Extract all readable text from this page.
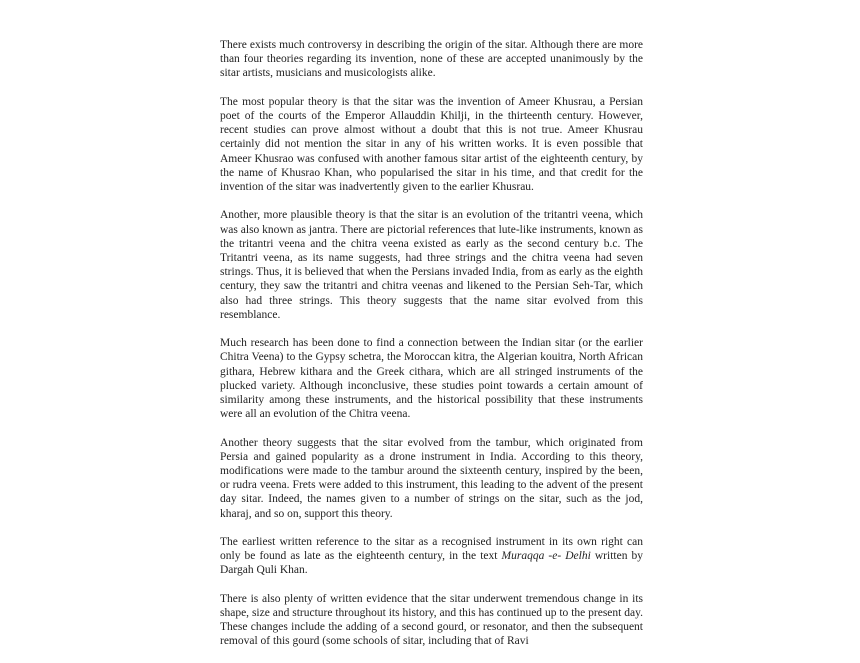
There exists much controversy in describing the origin of the sitar. Although there are more than four theories regarding its invention, none of these are accepted unanimously by the sitar artists, musicians and musicologists alike.

The most popular theory is that the sitar was the invention of Ameer Khusrau, a Persian poet of the courts of the Emperor Allauddin Khilji, in the thirteenth century. However, recent studies can prove almost without a doubt that this is not true. Ameer Khusrau certainly did not mention the sitar in any of his written works. It is even possible that Ameer Khusrao was confused with another famous sitar artist of the eighteenth century, by the name of Khusrao Khan, who popularised the sitar in his time, and that credit for the invention of the sitar was inadvertently given to the earlier Khusrau.

Another, more plausible theory is that the sitar is an evolution of the tritantri veena, which was also known as jantra. There are pictorial references that lute-like instruments, known as the tritantri veena and the chitra veena existed as early as the second century b.c. The Tritantri veena, as its name suggests, had three strings and the chitra veena had seven strings. Thus, it is believed that when the Persians invaded India, from as early as the eighth century, they saw the tritantri and chitra veenas and likened to the Persian Seh-Tar, which also had three strings. This theory suggests that the name sitar evolved from this resemblance.

Much research has been done to find a connection between the Indian sitar (or the earlier Chitra Veena) to the Gypsy schetra, the Moroccan kitra, the Algerian kouitra, North African githara, Hebrew kithara and the Greek cithara, which are all stringed instruments of the plucked variety. Although inconclusive, these studies point towards a certain amount of similarity among these instruments, and the historical possibility that these instruments were all an evolution of the Chitra veena.

Another theory suggests that the sitar evolved from the tambur, which originated from Persia and gained popularity as a drone instrument in India. According to this theory, modifications were made to the tambur around the sixteenth century, inspired by the been, or rudra veena. Frets were added to this instrument, this leading to the advent of the present day sitar. Indeed, the names given to a number of strings on the sitar, such as the jod, kharaj, and so on, support this theory.

The earliest written reference to the sitar as a recognised instrument in its own right can only be found as late as the eighteenth century, in the text Muraqqa -e- Delhi written by Dargah Quli Khan.

There is also plenty of written evidence that the sitar underwent tremendous change in its shape, size and structure throughout its history, and this has continued up to the present day. These changes include the adding of a second gourd, or resonator, and then the subsequent removal of this gourd (some schools of sitar, including that of Ravi
